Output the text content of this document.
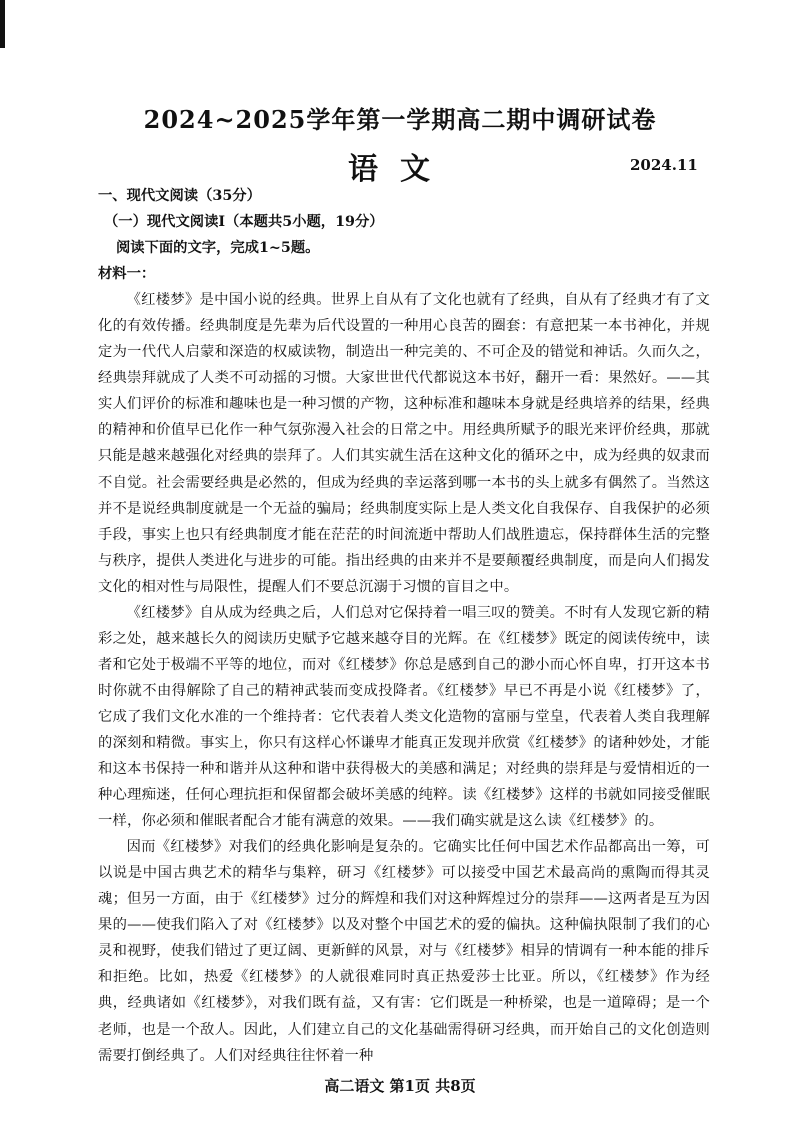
2024~2025学年第一学期高二期中调研试卷
语文	2024.11
一、现代文阅读（35分）
（一）现代文阅读Ⅰ（本题共5小题，19分）
阅读下面的文字，完成1~5题。
材料一：

《红楼梦》是中国小说的经典。世界上自从有了文化也就有了经典，自从有了经典才有了文化的有效传播。经典制度是先辈为后代设置的一种用心良苦的圈套：有意把某一本书神化，并规定为一代代人启蒙和深造的权威读物，制造出一种完美的、不可企及的错觉和神话。久而久之，经典崇拜就成了人类不可动摇的习惯。大家世世代代都说这本书好，翻开一看：果然好。——其实人们评价的标准和趣味也是一种习惯的产物，这种标准和趣味本身就是经典培养的结果，经典的精神和价值早已化作一种气氛弥漫入社会的日常之中。用经典所赋予的眼光来评价经典，那就只能是越来越强化对经典的崇拜了。人们其实就生活在这种文化的循环之中，成为经典的奴隶而不自觉。社会需要经典是必然的，但成为经典的幸运落到哪一本书的头上就多有偶然了。当然这并不是说经典制度就是一个无益的骗局；经典制度实际上是人类文化自我保存、自我保护的必须手段，事实上也只有经典制度才能在茫茫的时间流逝中帮助人们战胜遗忘，保持群体生活的完整与秩序，提供人类进化与进步的可能。指出经典的由来并不是要颠覆经典制度，而是向人们揭发文化的相对性与局限性，提醒人们不要总沉溺于习惯的盲目之中。

《红楼梦》自从成为经典之后，人们总对它保持着一唱三叹的赞美。不时有人发现它新的精彩之处，越来越长久的阅读历史赋予它越来越夺目的光辉。在《红楼梦》既定的阅读传统中，读者和它处于极端不平等的地位，而对《红楼梦》你总是感到自己的渺小而心怀自卑，打开这本书时你就不由得解除了自己的精神武装而变成投降者。《红楼梦》早已不再是小说《红楼梦》了，它成了我们文化水准的一个维持者：它代表着人类文化造物的富丽与堂皇，代表着人类自我理解的深刻和精微。事实上，你只有这样心怀谦卑才能真正发现并欣赏《红楼梦》的诸种妙处，才能和这本书保持一种和谐并从这种和谐中获得极大的美感和满足；对经典的崇拜是与爱情相近的一种心理痴迷，任何心理抗拒和保留都会破坏美感的纯粹。读《红楼梦》这样的书就如同接受催眠一样，你必须和催眠者配合才能有满意的效果。——我们确实就是这么读《红楼梦》的。

因而《红楼梦》对我们的经典化影响是复杂的。它确实比任何中国艺术作品都高出一筹，可以说是中国古典艺术的精华与集粹，研习《红楼梦》可以接受中国艺术最高尚的熏陶而得其灵魂；但另一方面，由于《红楼梦》过分的辉煌和我们对这种辉煌过分的崇拜——这两者是互为因果的——使我们陷入了对《红楼梦》以及对整个中国艺术的爱的偏执。这种偏执限制了我们的心灵和视野，使我们错过了更辽阔、更新鲜的风景，对与《红楼梦》相异的情调有一种本能的排斥和拒绝。比如，热爱《红楼梦》的人就很难同时真正热爱莎士比亚。所以，《红楼梦》作为经典，经典诸如《红楼梦》，对我们既有益，又有害：它们既是一种桥梁，也是一道障碍；是一个老师，也是一个敌人。因此，人们建立自己的文化基础需得研习经典，而开始自己的文化创造则需要打倒经典了。人们对经典往往怀着一种

高二语文 第1页 共8页
